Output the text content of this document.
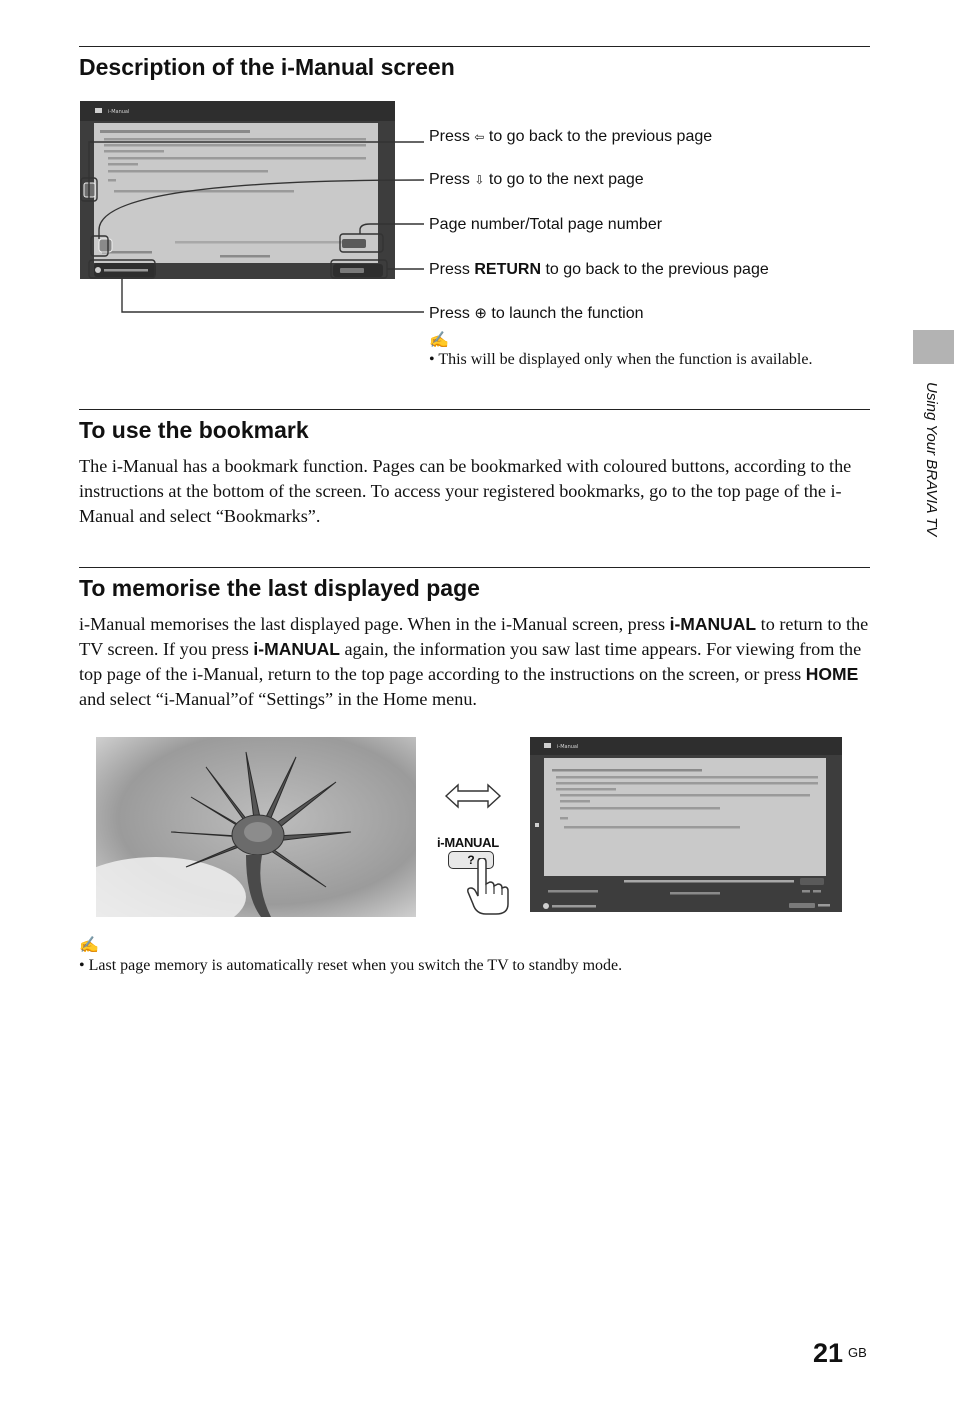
Description of the i-Manual screen
i-Manual
Press ⇦ to go back to the previous page
Press ⇩ to go to the next page
Page number/Total page number
Press RETURN to go back to the previous page
Press ⊕ to launch the function
✍
• This will be displayed only when the function is available.
Using Your BRAVIA TV
To use the bookmark
The i-Manual has a bookmark function. Pages can be bookmarked with coloured buttons, according to the instructions at the bottom of the screen. To access your registered bookmarks, go to the top page of the i-Manual and select “Bookmarks”.
To memorise the last displayed page
i-Manual memorises the last displayed page. When in the i-Manual screen, press i-MANUAL to return to the TV screen. If you press i-MANUAL again, the information you saw last time appears. For viewing from the top page of the i-Manual, return to the top page according to the instructions on the screen, or press HOME and select “i-Manual”of “Settings” in the Home menu.
i-MANUAL
?
i-Manual
✍
• Last page memory is automatically reset when you switch the TV to standby mode.
21 GB
